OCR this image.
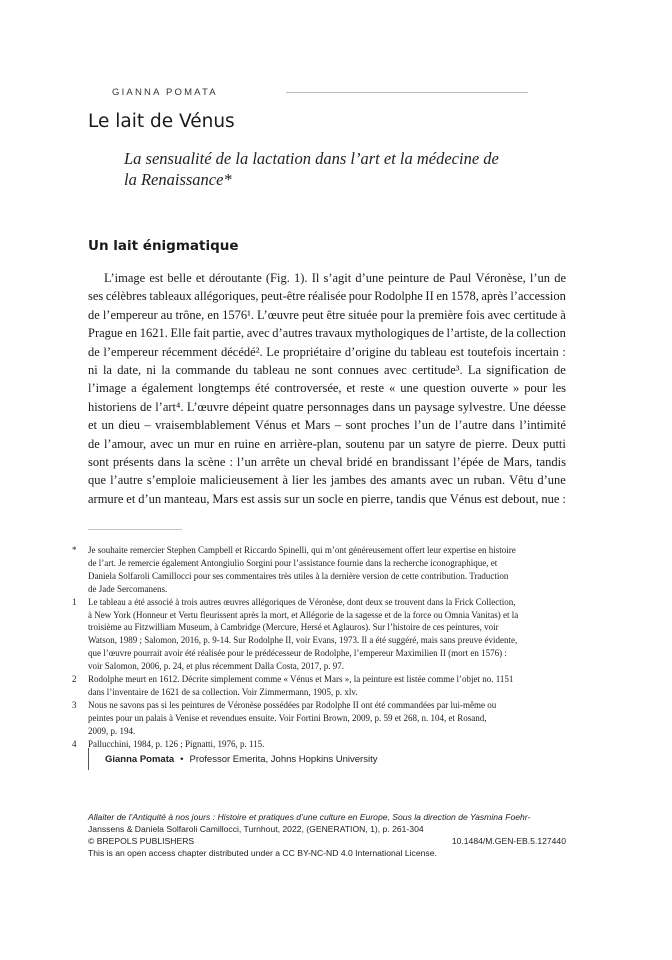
GIANNA POMATA
Le lait de Vénus
La sensualité de la lactation dans l’art et la médecine de
la Renaissance*
Un lait énigmatique
L’image est belle et déroutante (Fig. 1). Il s’agit d’une peinture de Paul Véronèse, l’un de
ses célèbres tableaux allégoriques, peut-être réalisée pour Rodolphe II en 1578, après l’accession
de l’empereur au trône, en 1576¹. L’œuvre peut être située pour la première fois avec certitude à
Prague en 1621. Elle fait partie, avec d’autres travaux mythologiques de l’artiste, de la collection
de l’empereur récemment décédé². Le propriétaire d’origine du tableau est toutefois incertain :
ni la date, ni la commande du tableau ne sont connues avec certitude³. La signification de
l’image a également longtemps été controversée, et reste « une question ouverte » pour les
historiens de l’art⁴. L’œuvre dépeint quatre personnages dans un paysage sylvestre. Une déesse
et un dieu – vraisemblablement Vénus et Mars – sont proches l’un de l’autre dans l’intimité
de l’amour, avec un mur en ruine en arrière-plan, soutenu par un satyre de pierre. Deux putti
sont présents dans la scène : l’un arrête un cheval bridé en brandissant l’épée de Mars, tandis
que l’autre s’emploie malicieusement à lier les jambes des amants avec un ruban. Vêtu d’une
armure et d’un manteau, Mars est assis sur un socle en pierre, tandis que Vénus est debout, nue :
*	Je souhaite remercier Stephen Campbell et Riccardo Spinelli, qui m’ont généreusement offert leur expertise en histoire
de l’art. Je remercie également Antongiulio Sorgini pour l’assistance fournie dans la recherche iconographique, et
Daniela Solfaroli Camillocci pour ses commentaires très utiles à la dernière version de cette contribution. Traduction
de Jade Sercomanens.
1	Le tableau a été associé à trois autres œuvres allégoriques de Véronèse, dont deux se trouvent dans la Frick Collection,
à New York (Honneur et Vertu fleurissent après la mort, et Allégorie de la sagesse et de la force ou Omnia Vanitas) et la
troisième au Fitzwilliam Museum, à Cambridge (Mercure, Hersé et Aglauros). Sur l’histoire de ces peintures, voir
Watson, 1989 ; Salomon, 2016, p. 9-14. Sur Rodolphe II, voir Evans, 1973. Il a été suggéré, mais sans preuve évidente,
que l’œuvre pourrait avoir été réalisée pour le prédécesseur de Rodolphe, l’empereur Maximilien II (mort en 1576) :
voir Salomon, 2006, p. 24, et plus récemment Dalla Costa, 2017, p. 97.
2	Rodolphe meurt en 1612. Décrite simplement comme « Vénus et Mars », la peinture est listée comme l’objet no. 1151
dans l’inventaire de 1621 de sa collection. Voir Zimmermann, 1905, p. xlv.
3	Nous ne savons pas si les peintures de Véronèse possédées par Rodolphe II ont été commandées par lui-même ou
peintes pour un palais à Venise et revendues ensuite. Voir Fortini Brown, 2009, p. 59 et 268, n. 104, et Rosand,
2009, p. 194.
4	Pallucchini, 1984, p. 126 ; Pignatti, 1976, p. 115.
Gianna Pomata • Professor Emerita, Johns Hopkins University
Allaiter de l’Antiquité à nos jours : Histoire et pratiques d’une culture en Europe, Sous la direction de Yasmina Foehr-
Janssens & Daniela Solfaroli Camillocci, Turnhout, 2022, (GENERATION, 1), p. 261-304
© BREPOLS PUBLISHERS	10.1484/M.GEN-EB.5.127440
This is an open access chapter distributed under a CC BY-NC-ND 4.0 International License.
